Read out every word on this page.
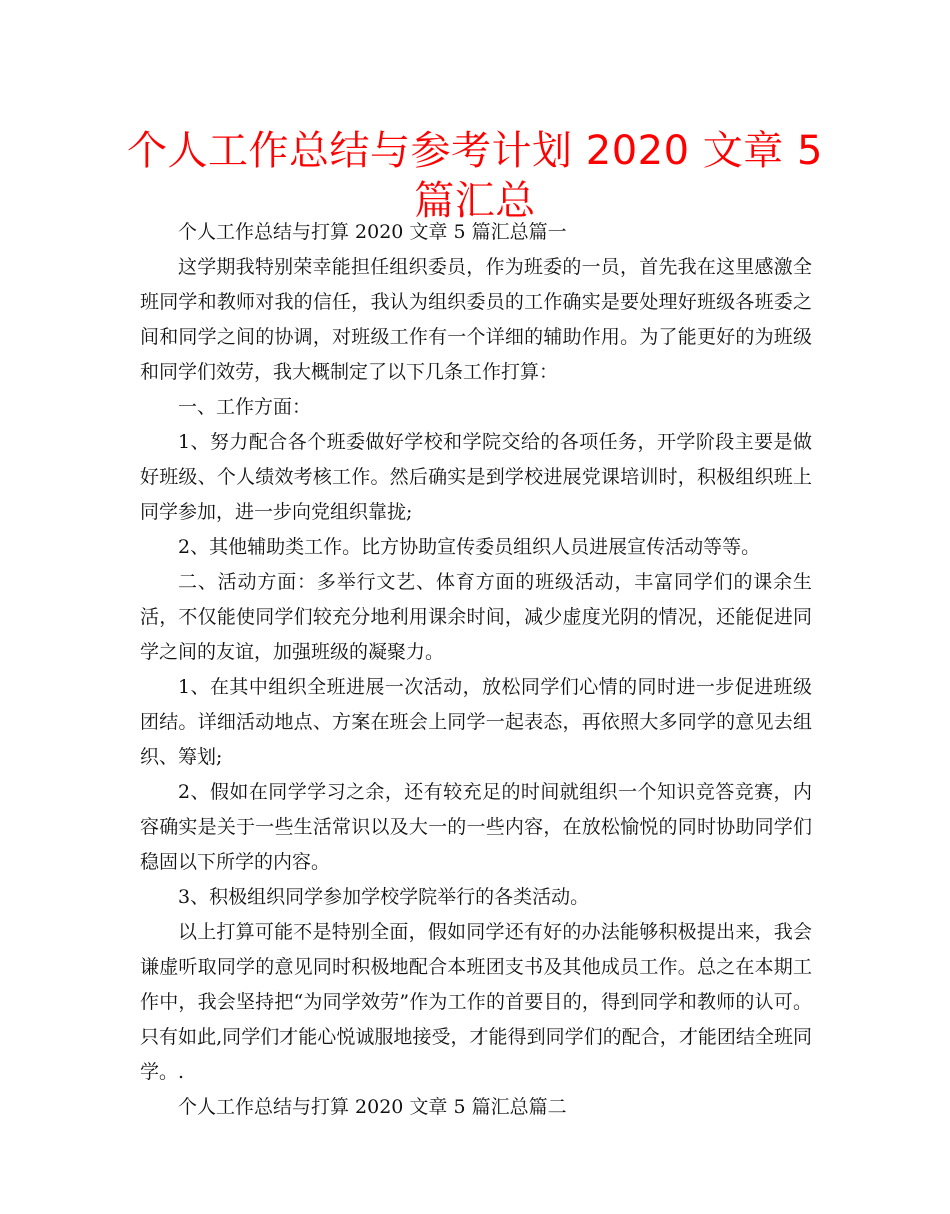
个人工作总结与参考计划 2020 文章 5 篇汇总

个人工作总结与打算 2020 文章 5 篇汇总篇一

这学期我特别荣幸能担任组织委员，作为班委的一员，首先我在这里感激全班同学和教师对我的信任，我认为组织委员的工作确实是要处理好班级各班委之间和同学之间的协调，对班级工作有一个详细的辅助作用。为了能更好的为班级和同学们效劳，我大概制定了以下几条工作打算：

一、工作方面：

1、努力配合各个班委做好学校和学院交给的各项任务，开学阶段主要是做好班级、个人绩效考核工作。然后确实是到学校进展党课培训时，积极组织班上同学参加，进一步向党组织靠拢;

2、其他辅助类工作。比方协助宣传委员组织人员进展宣传活动等等。

二、活动方面：多举行文艺、体育方面的班级活动，丰富同学们的课余生活，不仅能使同学们较充分地利用课余时间，减少虚度光阴的情况，还能促进同学之间的友谊，加强班级的凝聚力。

1、在其中组织全班进展一次活动，放松同学们心情的同时进一步促进班级团结。详细活动地点、方案在班会上同学一起表态，再依照大多同学的意见去组织、筹划;

2、假如在同学学习之余，还有较充足的时间就组织一个知识竞答竞赛，内容确实是关于一些生活常识以及大一的一些内容，在放松愉悦的同时协助同学们稳固以下所学的内容。

3、积极组织同学参加学校学院举行的各类活动。

以上打算可能不是特别全面，假如同学还有好的办法能够积极提出来，我会谦虚听取同学的意见同时积极地配合本班团支书及其他成员工作。总之在本期工作中，我会坚持把“为同学效劳”作为工作的首要目的，得到同学和教师的认可。只有如此,同学们才能心悦诚服地接受，才能得到同学们的配合，才能团结全班同学。.

个人工作总结与打算 2020 文章 5 篇汇总篇二
